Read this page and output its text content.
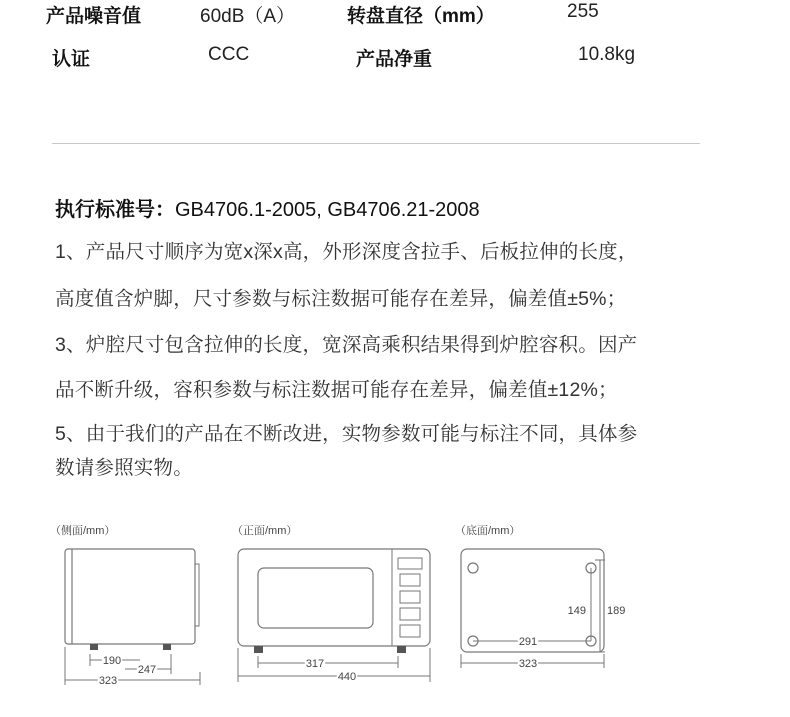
产品噪音值	60dB（A）	转盘直径（mm）	255
认证	CCC	产品净重	10.8kg
执行标准号：GB4706.1-2005, GB4706.21-2008
1、产品尺寸顺序为宽x深x高，外形深度含拉手、后板拉伸的长度，
高度值含炉脚，尺寸参数与标注数据可能存在差异，偏差值±5%；
3、炉腔尺寸包含拉伸的长度，宽深高乘积结果得到炉腔容积。因产
品不断升级，容积参数与标注数据可能存在差异，偏差值±12%；
5、由于我们的产品在不断改进，实物参数可能与标注不同，具体参
数请参照实物。
（侧面/mm）
190
247
323
（正面/mm）
317
440
（底面/mm）
291
149 189
323
